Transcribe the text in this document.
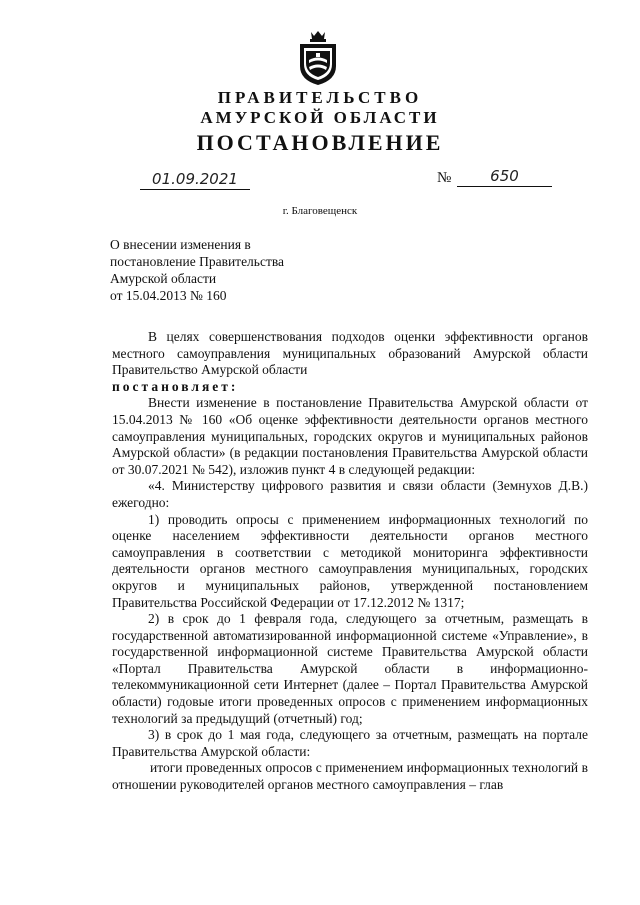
ПРАВИТЕЛЬСТВО
АМУРСКОЙ ОБЛАСТИ
ПОСТАНОВЛЕНИЕ
01.09.2021	№	650
г. Благовещенск
О внесении изменения в
постановление Правительства
Амурской области
от 15.04.2013 № 160

В целях совершенствования подходов оценки эффективности органов местного самоуправления муниципальных образований Амурской области Правительство Амурской области

постановляет:

Внести изменение в постановление Правительства Амурской области от 15.04.2013 № 160 «Об оценке эффективности деятельности органов местного самоуправления муниципальных, городских округов и муниципальных районов Амурской области» (в редакции постановления Правительства Амурской области от 30.07.2021 № 542), изложив пункт 4 в следующей редакции:

«4. Министерству цифрового развития и связи области (Земнухов Д.В.) ежегодно:

1) проводить опросы с применением информационных технологий по оценке населением эффективности деятельности органов местного самоуправления в соответствии с методикой мониторинга эффективности деятельности органов местного самоуправления муниципальных, городских округов и муниципальных районов, утвержденной постановлением Правительства Российской Федерации от 17.12.2012 № 1317;

2) в срок до 1 февраля года, следующего за отчетным, размещать в государственной автоматизированной информационной системе «Управление», в государственной информационной системе Правительства Амурской области «Портал Правительства Амурской области в информационно-телекоммуникационной сети Интернет (далее – Портал Правительства Амурской области) годовые итоги проведенных опросов с применением информационных технологий за предыдущий (отчетный) год;

3) в срок до 1 мая года, следующего за отчетным, размещать на портале Правительства Амурской области:

итоги проведенных опросов с применением информационных технологий в отношении руководителей органов местного самоуправления – глав
